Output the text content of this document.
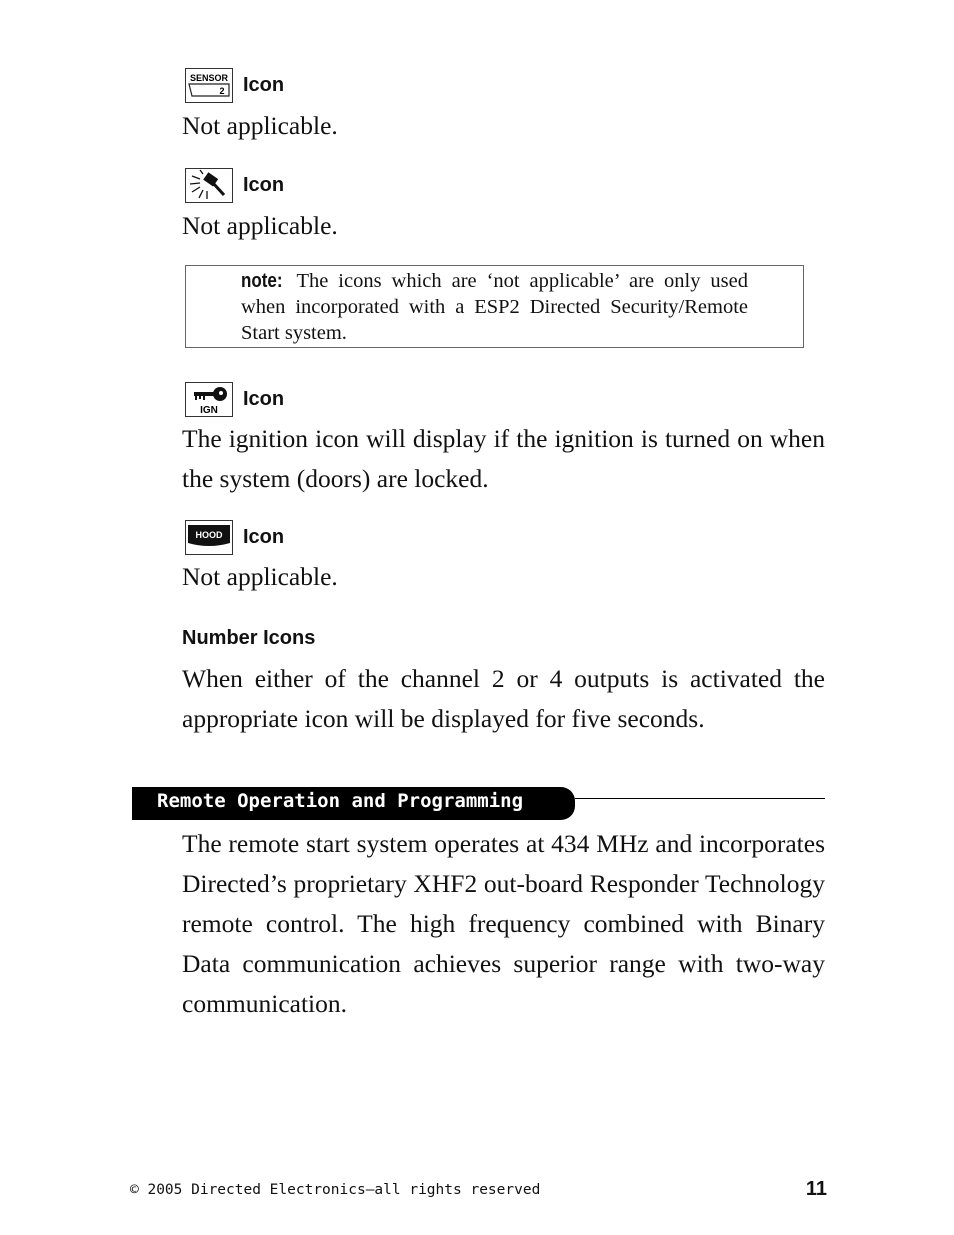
SENSOR
2 Icon
Not applicable.
Icon
Not applicable.
note: The icons which are ‘not applicable’ are only used when incorporated with a ESP2 Directed Security/Remote Start system.
IGN
Icon
The ignition icon will display if the ignition is turned on when the system (doors) are locked.
HOOD Icon
Not applicable.
Number Icons
When either of the channel 2 or 4 outputs is activated the appropriate icon will be displayed for five seconds.
Remote Operation and Programming
The remote start system operates at 434 MHz and incorporates Directed’s proprietary XHF2 out-board Responder Technology remote control. The high frequency combined with Binary Data communication achieves superior range with two-way communication.
© 2005 Directed Electronics—all rights reserved	11
